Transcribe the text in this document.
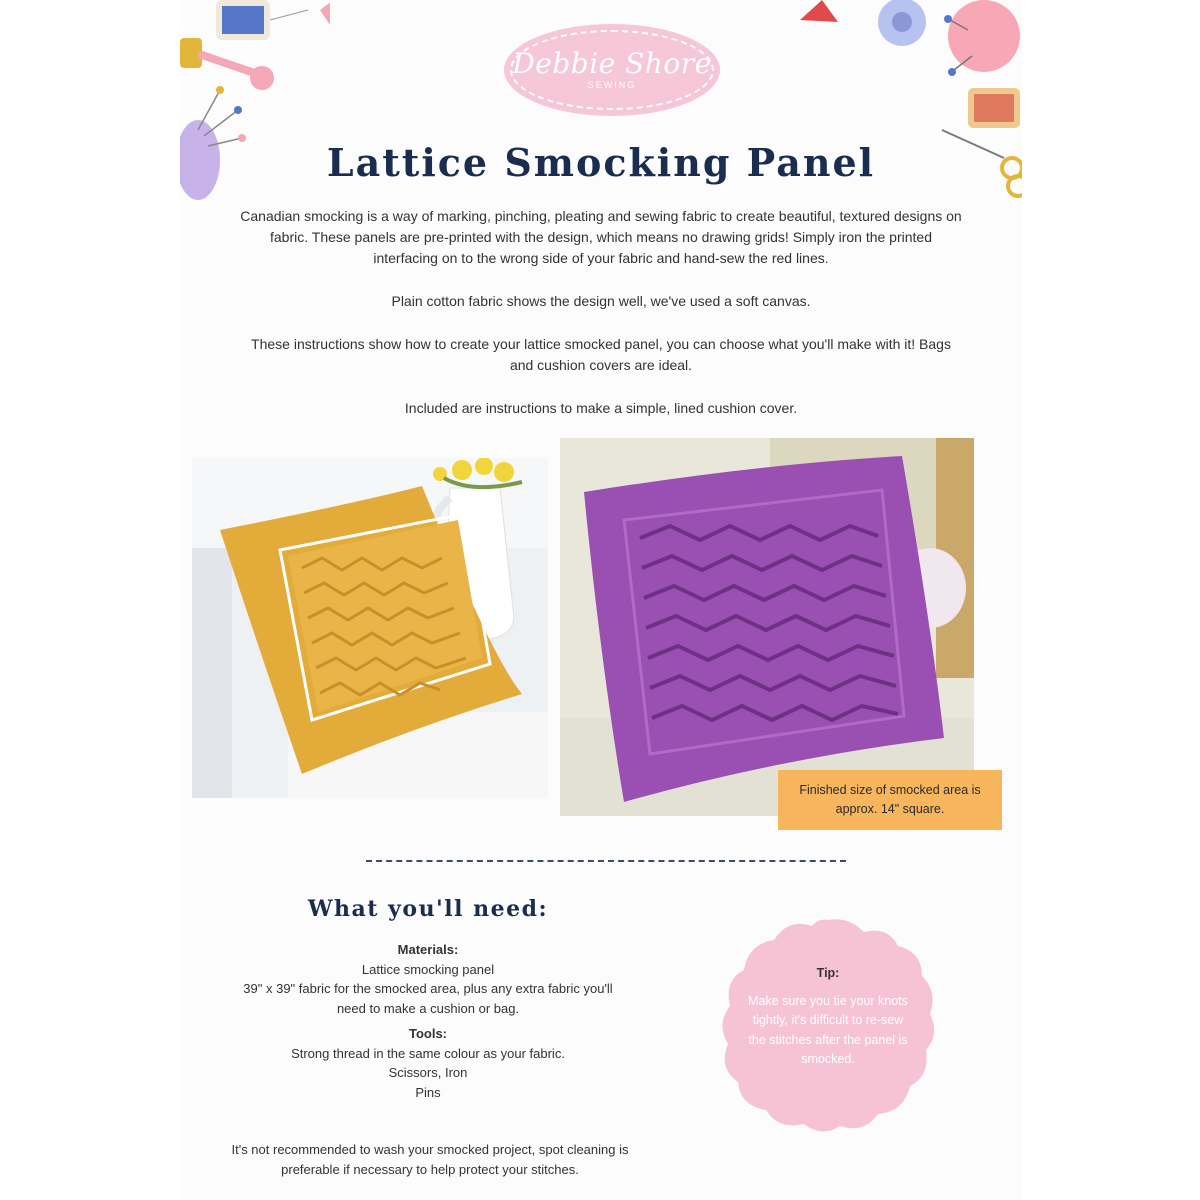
Debbie Shore
SEWING
Lattice Smocking Panel

Canadian smocking is a way of marking, pinching, pleating and sewing fabric to create beautiful, textured designs on fabric. These panels are pre-printed with the design, which means no drawing grids! Simply iron the printed interfacing on to the wrong side of your fabric and hand-sew the red lines.

Plain cotton fabric shows the design well, we've used a soft canvas.

These instructions show how to create your lattice smocked panel, you can choose what you'll make with it! Bags and cushion covers are ideal.

Included are instructions to make a simple, lined cushion cover.

Finished size of smocked area is approx. 14" square.
What you'll need:
Materials:
Lattice smocking panel
39" x 39" fabric for the smocked area, plus any extra fabric you'll need to make a cushion or bag.
Tools:
Strong thread in the same colour as your fabric.
Scissors, Iron
Pins
It's not recommended to wash your smocked project, spot cleaning is preferable if necessary to help protect your stitches.
Tip:
Make sure you tie your knots tightly, it's difficult to re-sew the stitches after the panel is smocked.
